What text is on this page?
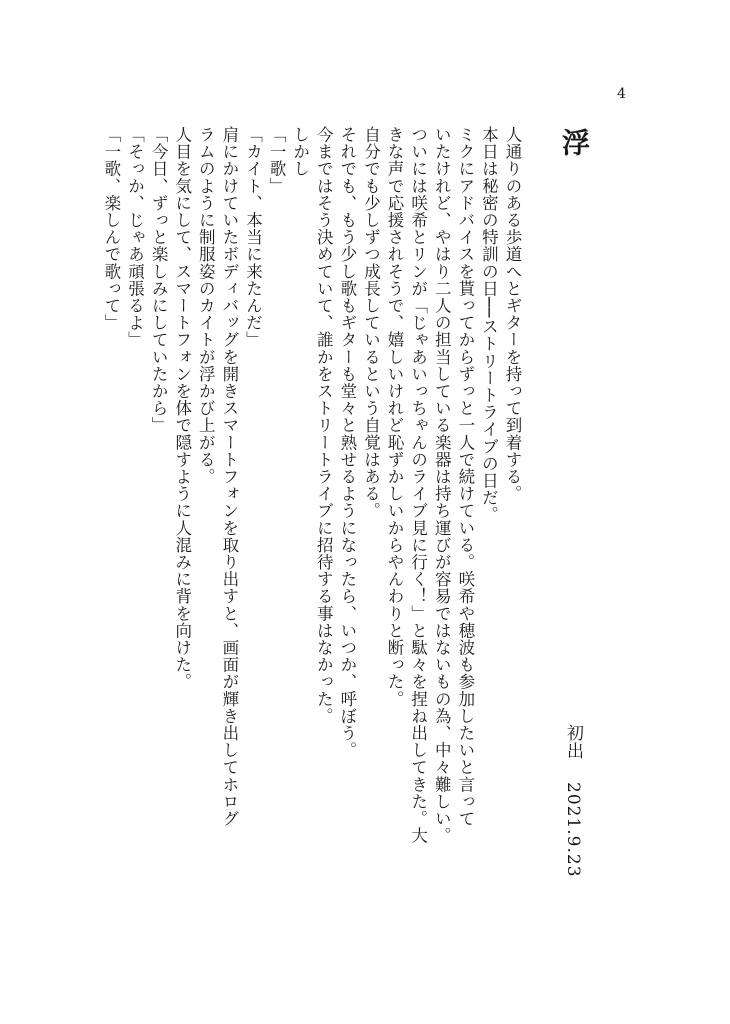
4
浮
人通りのある歩道へとギターを持って到着する。
本日は秘密の特訓の日──ストリートライブの日だ。
ミクにアドバイスを貰ってからずっと一人で続けている。咲希や穂波も参加したいと言って
いたけれど、やはり二人の担当している楽器は持ち運びが容易ではないもの為、中々難しい。
ついには咲希とリンが「じゃあいっちゃんのライブ見に行く！」と駄々を捏ね出してきた。大
きな声で応援されそうで、嬉しいけれど恥ずかしいからやんわりと断った。
自分でも少しずつ成長しているという自覚はある。
それでも、もう少し歌もギターも堂々と熟せるようになったら、いつか、呼ぼう。
今まではそう決めていて、誰かをストリートライブに招待する事はなかった。
しかし
「一歌」
「カイト、本当に来たんだ」
肩にかけていたボディバッグを開きスマートフォンを取り出すと、画面が輝き出してホログ
ラムのように制服姿のカイトが浮かび上がる。
人目を気にして、スマートフォンを体で隠すように人混みに背を向けた。
「今日、ずっと楽しみにしていたから」
「そっか、じゃあ頑張るよ」
「一歌、楽しんで歌って」
初出2021.9.23
